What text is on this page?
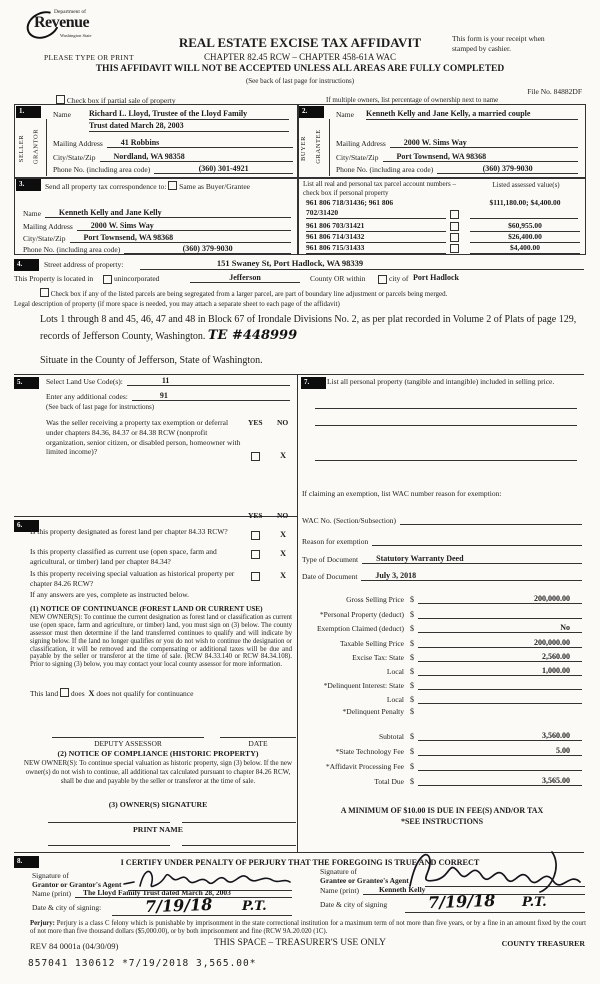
Department of
Revenue
Washington State
PLEASE TYPE OR PRINT
REAL ESTATE EXCISE TAX AFFIDAVIT
CHAPTER 82.45 RCW – CHAPTER 458-61A WAC
This form is your receipt when stamped by cashier.
THIS AFFIDAVIT WILL NOT BE ACCEPTED UNLESS ALL AREAS ARE FULLY COMPLETED
(See back of last page for instructions)
File No. 84882DF
Check box if partial sale of property	If multiple owners, list percentage of ownership next to name
1.
SELLER GRANTOR
Name Richard L. Lloyd, Trustee of the Lloyd Family
Trust dated March 28, 2003
Mailing Address	41 Robbins
City/State/Zip	Nordland, WA 98358
Phone No. (including area code)	(360) 301-4921
2.
BUYER GRANTEE
Name Kenneth Kelly and Jane Kelly, a married couple
Mailing Address	2000 W. Sims Way
City/State/Zip	Port Townsend, WA 98368
Phone No. (including area code)	(360) 379-9030
3.	Send all property tax correspondence to: Same as Buyer/Grantee
Name	Kenneth Kelly and Jane Kelly
Mailing Address	2000 W. Sims Way
City/State/Zip	Port Townsend, WA 98368
Phone No. (including area code)	(360) 379-9030
List all real and personal tax parcel account numbers – check box if personal property
Listed assessed value(s)
961 806 718/31436; 961 806
702/31420
$111,180.00; $4,400.00
961 806 703/31421	$60,955.00
961 806 714/31432	$26,400.00
961 806 715/31433	$4,400.00
4.	Street address of property:	151 Swaney St, Port Hadlock, WA 98339
This Property is located in	unincorporated	Jefferson	County OR within	city of Port Hadlock
Check box if any of the listed parcels are being segregated from a larger parcel, are part of boundary line adjustment or parcels being merged.
Legal description of property (if more space is needed, you may attach a separate sheet to each page of the affidavit)
Lots 1 through 8 and 45, 46, 47 and 48 in Block 67 of Irondale Divisions No. 2, as per plat recorded in Volume 2 of Plats of page 129, records of Jefferson County, Washington. TE #448999
Situate in the County of Jefferson, State of Washington.
5.	Select Land Use Code(s):	11
Enter any additional codes:	91
(See back of last page for instructions)
Was the seller receiving a property tax exemption or deferral under chapters 84.36, 84.37 or 84.38 RCW (nonprofit organization, senior citizen, or disabled person, homeowner with limited income)?
YES NO
X
6.
YES NO
Is this property designated as forest land per chapter 84.33 RCW?	X
Is this property classified as current use (open space, farm and agricultural, or timber) land per chapter 84.34?
X
Is this property receiving special valuation as historical property per chapter 84.26 RCW?
X
If any answers are yes, complete as instructed below.
(1) NOTICE OF CONTINUANCE (FOREST LAND OR CURRENT USE)
NEW OWNER(S): To continue the current designation as forest land or classification as current use (open space, farm and agriculture, or timber) land, you must sign on (3) below. The county assessor must then determine if the land transferred continues to qualify and will indicate by signing below. If the land no longer qualifies or you do not wish to continue the designation or classification, it will be removed and the compensating or additional taxes will be due and payable by the seller or transferor at the time of sale. (RCW 84.33.140 or RCW 84.34.108). Prior to signing (3) below, you may contact your local county assessor for more information.
This land does X does not qualify for continuance
DEPUTY ASSESSOR	DATE
(2) NOTICE OF COMPLIANCE (HISTORIC PROPERTY)
NEW OWNER(S): To continue special valuation as historic property, sign (3) below. If the new owner(s) do not wish to continue, all additional tax calculated pursuant to chapter 84.26 RCW, shall be due and payable by the seller or transferor at the time of sale.
(3) OWNER(S) SIGNATURE
PRINT NAME
7.	List all personal property (tangible and intangible) included in selling price.
If claiming an exemption, list WAC number reason for exemption:
WAC No. (Section/Subsection)
Reason for exemption
Type of Document	Statutory Warranty Deed
Date of Document	July 3, 2018
Gross Selling Price $	200,000.00
*Personal Property (deduct) $
Exemption Claimed (deduct) $	No
Taxable Selling Price $	200,000.00
Excise Tax: State $	2,560.00
Local $	1,000.00
*Delinquent Interest: State $
Local $
*Delinquent Penalty $
Subtotal $	3,560.00
*State Technology Fee $	5.00
*Affidavit Processing Fee $
Total Due $	3,565.00
A MINIMUM OF $10.00 IS DUE IN FEE(S) AND/OR TAX
*SEE INSTRUCTIONS
8.	I CERTIFY UNDER PENALTY OF PERJURY THAT THE FOREGOING IS TRUE AND CORRECT
Signature of
Grantor or Grantor's Agent
Name (print)	The Lloyd Family Trust dated March 28, 2003
Date & city of signing:	7/19/18 P.T.
Signature of
Grantee or Grantee's Agent
Name (print)	Kenneth Kelly
Date & city of signing	7/19/18 P.T.
Perjury: Perjury is a class C felony which is punishable by imprisonment in the state correctional institution for a maximum term of not more than five years, or by a fine in an amount fixed by the court of not more than five thousand dollars ($5,000.00), or by both imprisonment and fine (RCW 9A.20.020 (1C).
REV 84 0001a (04/30/09)	THIS SPACE – TREASURER'S USE ONLY	COUNTY TREASURER
857041 130612 *7/19/2018 3,565.00*
